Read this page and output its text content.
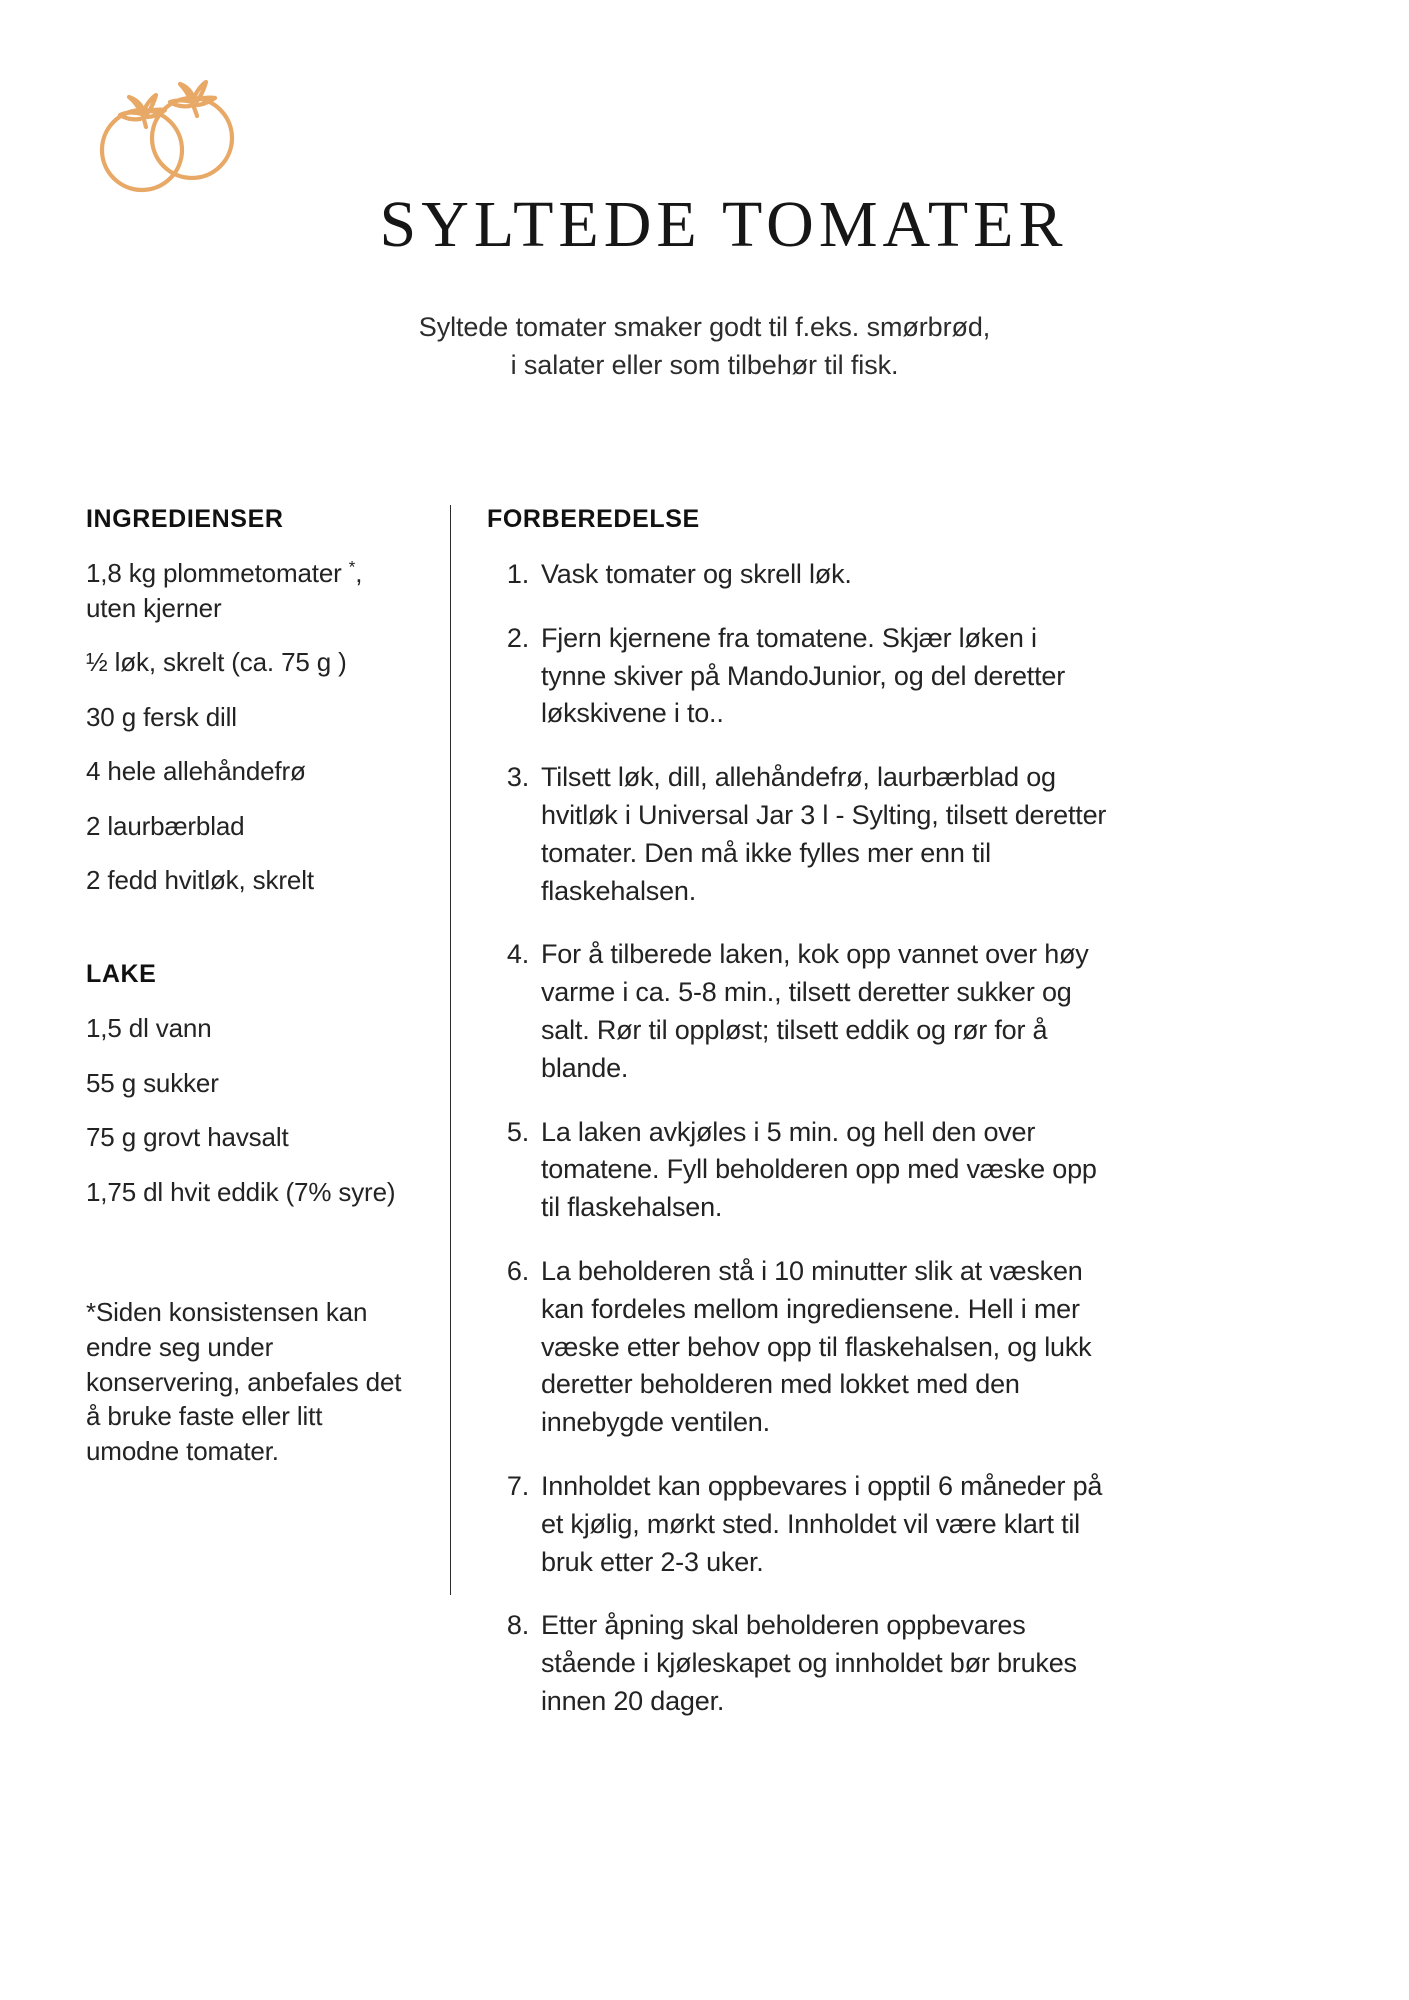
SYLTEDE TOMATER
Syltede tomater smaker godt til f.eks. smørbrød,
i salater eller som tilbehør til fisk.
INGREDIENSER
1,8 kg plommetomater *, uten kjerner
½ løk, skrelt (ca. 75 g )
30 g fersk dill
4 hele allehåndefrø
2 laurbærblad
2 fedd hvitløk, skrelt
LAKE
1,5 dl vann
55 g sukker
75 g grovt havsalt
1,75 dl hvit eddik (7% syre)
*Siden konsistensen kan endre seg under konservering, anbefales det å bruke faste eller litt umodne tomater.
FORBEREDELSE
Vask tomater og skrell løk.
Fjern kjernene fra tomatene. Skjær løken i tynne skiver på MandoJunior, og del deretter løkskivene i to..
Tilsett løk, dill, allehåndefrø, laurbærblad og hvitløk i Universal Jar 3 l - Sylting, tilsett deretter tomater. Den må ikke fylles mer enn til flaskehalsen.
For å tilberede laken, kok opp vannet over høy varme i ca. 5-8 min., tilsett deretter sukker og salt. Rør til oppløst; tilsett eddik og rør for å blande.
La laken avkjøles i 5 min. og hell den over tomatene. Fyll beholderen opp med væske opp til flaskehalsen.
La beholderen stå i 10 minutter slik at væsken kan fordeles mellom ingrediensene. Hell i mer væske etter behov opp til flaskehalsen, og lukk deretter beholderen med lokket med den innebygde ventilen.
Innholdet kan oppbevares i opptil 6 måneder på et kjølig, mørkt sted. Innholdet vil være klart til bruk etter 2-3 uker.
Etter åpning skal beholderen oppbevares stående i kjøleskapet og innholdet bør brukes innen 20 dager.
